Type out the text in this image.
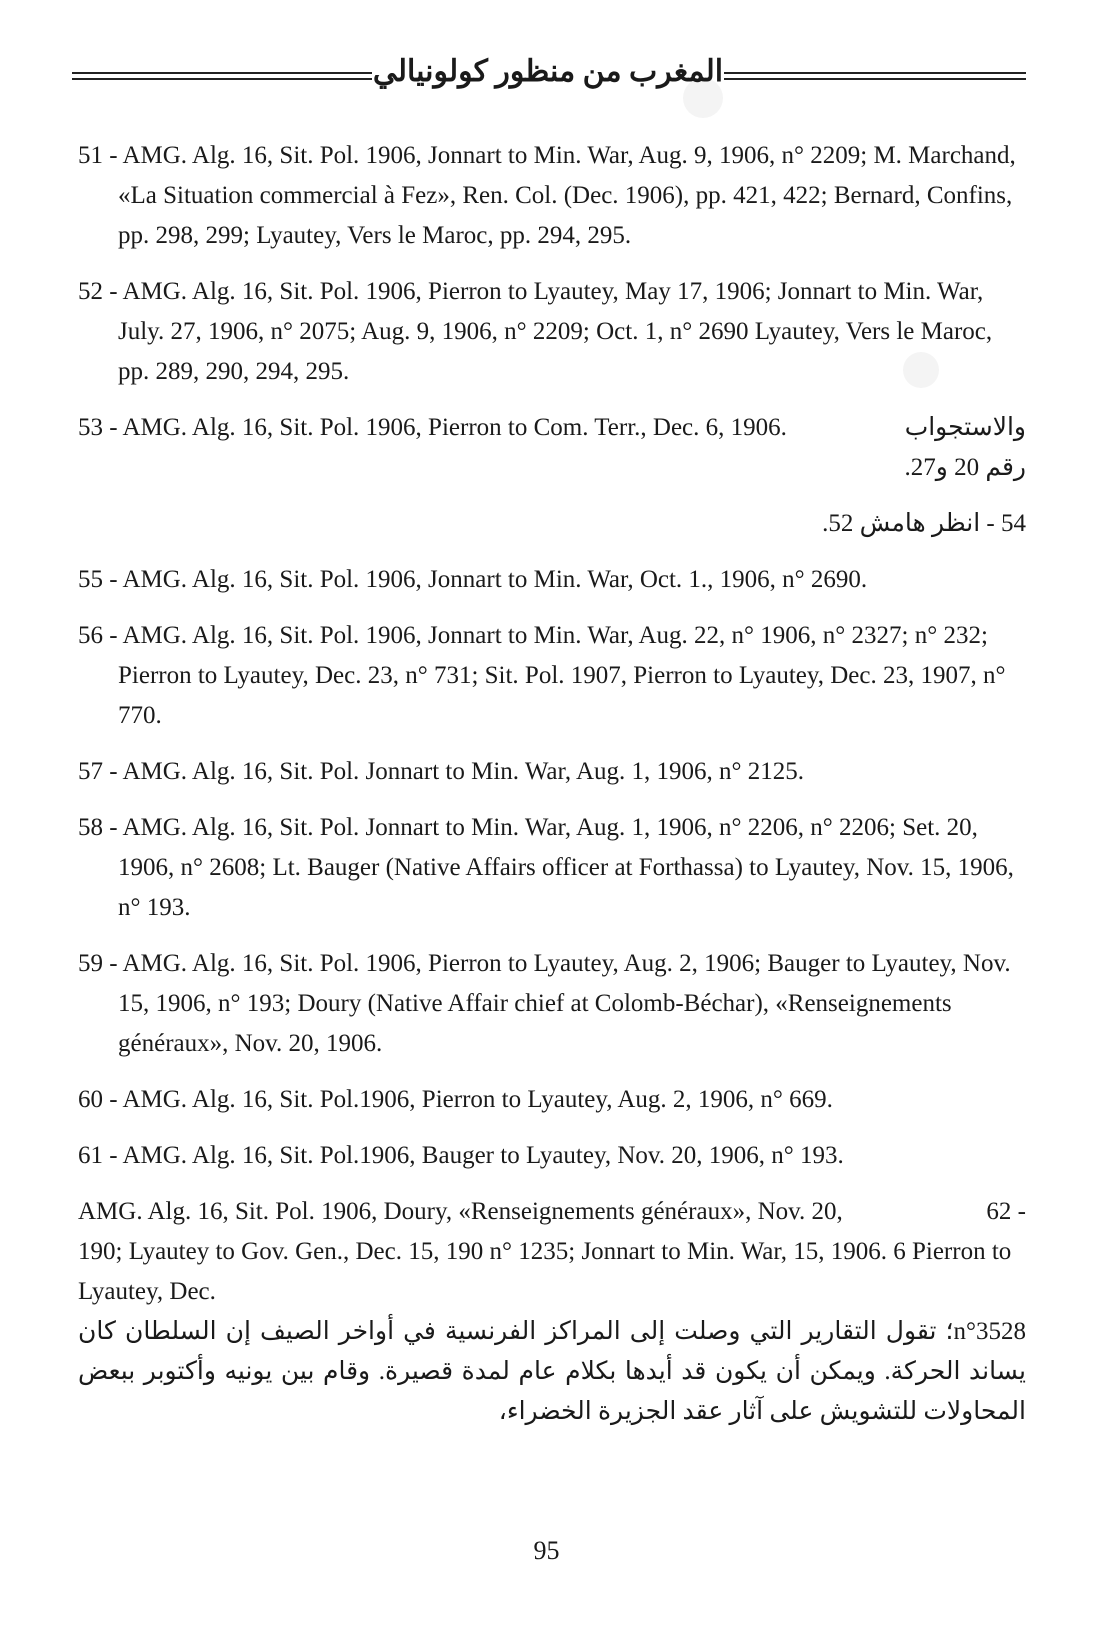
المغرب من منظور كولونيالي
51 - AMG. Alg. 16, Sit. Pol. 1906, Jonnart to Min. War, Aug. 9, 1906, n° 2209; M. Marchand, «La Situation commercial à Fez», Ren. Col. (Dec. 1906), pp. 421, 422; Bernard, Confins, pp. 298, 299; Lyautey, Vers le Maroc, pp. 294, 295.
52 - AMG. Alg. 16, Sit. Pol. 1906, Pierron to Lyautey, May 17, 1906; Jonnart to Min. War, July. 27, 1906, n° 2075; Aug. 9, 1906, n° 2209; Oct. 1, n° 2690 Lyautey, Vers le Maroc, pp. 289, 290, 294, 295.
53 - AMG. Alg. 16, Sit. Pol. 1906, Pierron to Com. Terr., Dec. 6, 1906.	والاستجواب
رقم 20 و27.
54 - انظر هامش 52.
55 - AMG. Alg. 16, Sit. Pol. 1906, Jonnart to Min. War, Oct. 1., 1906, n° 2690.
56 - AMG. Alg. 16, Sit. Pol. 1906, Jonnart to Min. War, Aug. 22, n° 1906, n° 2327; n° 232; Pierron to Lyautey, Dec. 23, n° 731; Sit. Pol. 1907, Pierron to Lyautey, Dec. 23, 1907, n° 770.
57 - AMG. Alg. 16, Sit. Pol. Jonnart to Min. War, Aug. 1, 1906, n° 2125.
58 - AMG. Alg. 16, Sit. Pol. Jonnart to Min. War, Aug. 1, 1906, n° 2206, n° 2206; Set. 20, 1906, n° 2608; Lt. Bauger (Native Affairs officer at Forthassa) to Lyautey, Nov. 15, 1906, n° 193.
59 - AMG. Alg. 16, Sit. Pol. 1906, Pierron to Lyautey, Aug. 2, 1906; Bauger to Lyautey, Nov. 15, 1906, n° 193; Doury (Native Affair chief at Colomb-Béchar), «Renseignements généraux», Nov. 20, 1906.
60 - AMG. Alg. 16, Sit. Pol.1906, Pierron to Lyautey, Aug. 2, 1906, n° 669.
61 - AMG. Alg. 16, Sit. Pol.1906, Bauger to Lyautey, Nov. 20, 1906, n° 193.
AMG. Alg. 16, Sit. Pol. 1906, Doury, «Renseignements généraux», Nov. 20,	62 -
190; Lyautey to Gov. Gen., Dec. 15, 190 n° 1235; Jonnart to Min. War, 15, 1906. 6 Pierron to Lyautey, Dec.
n°3528؛ تقول التقارير التي وصلت إلى المراكز الفرنسية في أواخر الصيف إن السلطان كان يساند الحركة. ويمكن أن يكون قد أيدها بكلام عام لمدة قصيرة. وقام بين يونيه وأكتوبر ببعض المحاولات للتشويش على آثار عقد الجزيرة الخضراء،
95
